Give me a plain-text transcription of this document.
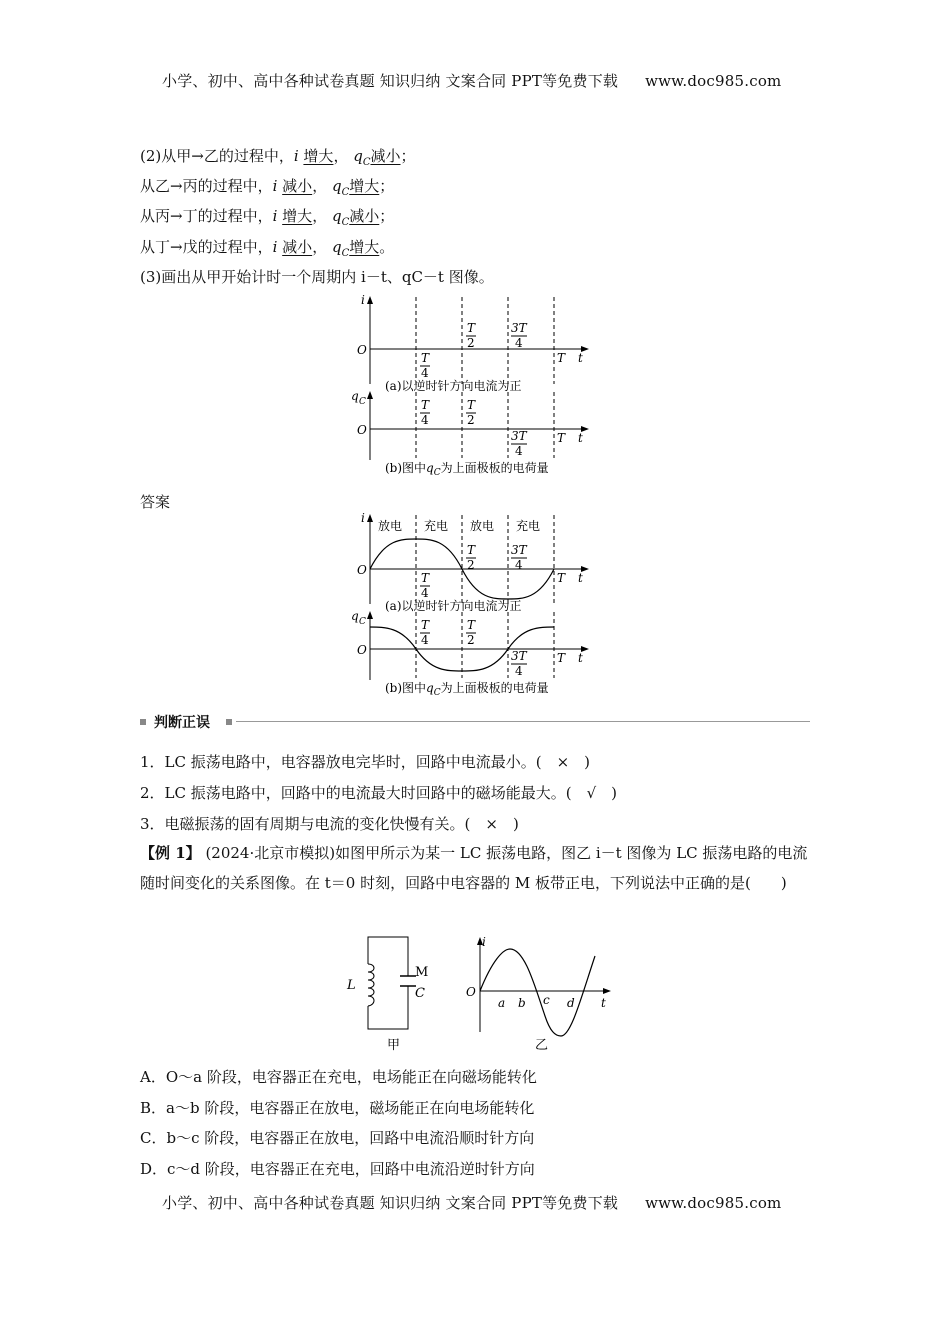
小学、初中、高中各种试卷真题 知识归纳 文案合同 PPT等免费下载 www.doc985.com
(2)从甲→乙的过程中，i 增大， $q_C$减小；
从乙→丙的过程中，i 减小， $q_C$增大；
从丙→丁的过程中，i 增大， $q_C$减小；
从丁→戊的过程中，i 减小， $q_C$增大。
(3)画出从甲开始计时一个周期内 i－t、qC－t 图像。
i
O
T
2
3T
4
T
4
T t
(a)以逆时针方向电流为正
q C
O
T
4
T
2
3T
4
T t
(b)图中$q_C$为上面极板的电荷量
答案
i
O
放电 充电 放电 充电
T
2
3T
4
T
4
T t
(a)以逆时针方向电流为正
q C
O
T
4
T
2
3T
4
T t
(b)图中$q_C$为上面极板的电荷量
判断正误
1．LC 振荡电路中，电容器放电完毕时，回路中电流最小。(　×　)
2．LC 振荡电路中，回路中的电流最大时回路中的磁场能最大。(　√　)
3．电磁振荡的固有周期与电流的变化快慢有关。(　×　)
【例 1】 (2024·北京市模拟)如图甲所示为某一 LC 振荡电路，图乙 i－t 图像为 LC 振荡电路的电流随时间变化的关系图像。在 t＝0 时刻，回路中电容器的 M 板带正电，下列说法中正确的是(　　)
L
M
C
甲
i
O
a b c d t
乙
A．O～a 阶段，电容器正在充电，电场能正在向磁场能转化
B．a～b 阶段，电容器正在放电，磁场能正在向电场能转化
C．b～c 阶段，电容器正在放电，回路中电流沿顺时针方向
D．c～d 阶段，电容器正在充电，回路中电流沿逆时针方向
小学、初中、高中各种试卷真题 知识归纳 文案合同 PPT等免费下载 www.doc985.com
